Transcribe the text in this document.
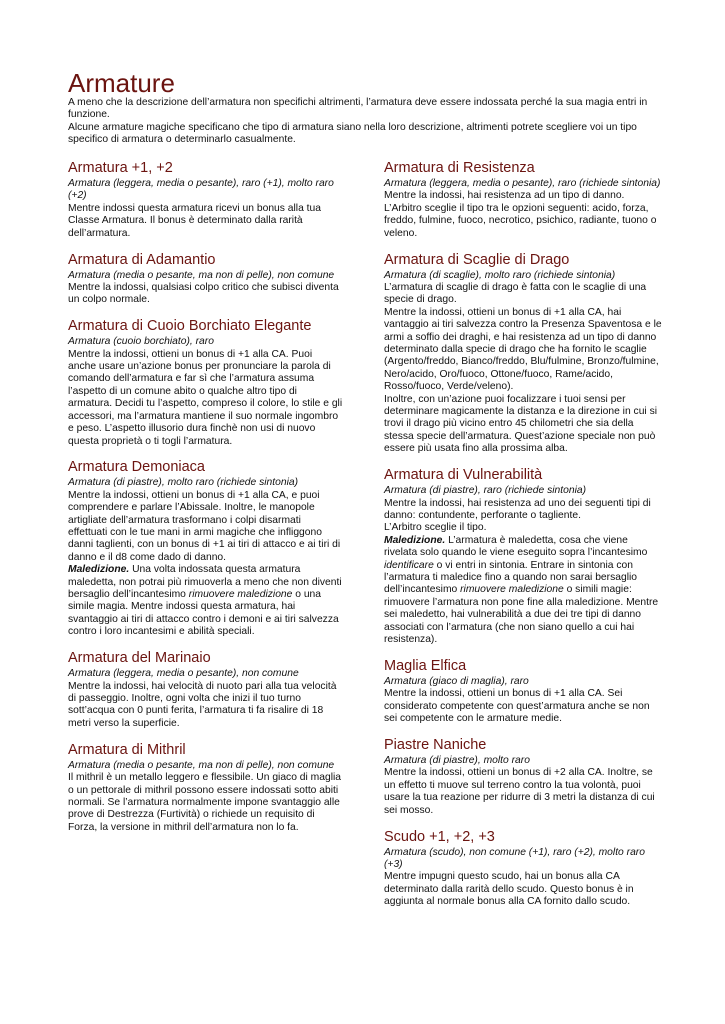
Armature

A meno che la descrizione dell’armatura non specifichi altrimenti, l’armatura deve essere indossata perché la sua magia entri in funzione.

Alcune armature magiche specificano che tipo di armatura siano nella loro descrizione, altrimenti potrete scegliere voi un tipo specifico di armatura o determinarlo casualmente.

Armatura +1, +2

Armatura (leggera, media o pesante), raro (+1), molto raro (+2)

Mentre indossi questa armatura ricevi un bonus alla tua Classe Armatura. Il bonus è determinato dalla rarità dell’armatura.

Armatura di Adamantio

Armatura (media o pesante, ma non di pelle), non comune

Mentre la indossi, qualsiasi colpo critico che subisci diventa un colpo normale.

Armatura di Cuoio Borchiato Elegante

Armatura (cuoio borchiato), raro

Mentre la indossi, ottieni un bonus di +1 alla CA. Puoi anche usare un’azione bonus per pronunciare la parola di comando dell’armatura e far sì che l’armatura assuma l’aspetto di un comune abito o qualche altro tipo di armatura. Decidi tu l’aspetto, compreso il colore, lo stile e gli accessori, ma l’armatura mantiene il suo normale ingombro e peso. L’aspetto illusorio dura finchè non usi di nuovo questa proprietà o ti togli l’armatura.

Armatura Demoniaca

Armatura (di piastre), molto raro (richiede sintonia)

Mentre la indossi, ottieni un bonus di +1 alla CA, e puoi comprendere e parlare l’Abissale. Inoltre, le manopole artigliate dell’armatura trasformano i colpi disarmati effettuati con le tue mani in armi magiche che infliggono danni taglienti, con un bonus di +1 ai tiri di attacco e ai tiri di danno e il d8 come dado di danno.

Maledizione. Una volta indossata questa armatura maledetta, non potrai più rimuoverla a meno che non diventi bersaglio dell’incantesimo rimuovere maledizione o una simile magia. Mentre indossi questa armatura, hai svantaggio ai tiri di attacco contro i demoni e ai tiri salvezza contro i loro incantesimi e abilità speciali.

Armatura del Marinaio

Armatura (leggera, media o pesante), non comune

Mentre la indossi, hai velocità di nuoto pari alla tua velocità di passeggio. Inoltre, ogni volta che inizi il tuo turno sott’acqua con 0 punti ferita, l’armatura ti fa risalire di 18 metri verso la superficie.

Armatura di Mithril

Armatura (media o pesante, ma non di pelle), non comune

Il mithril è un metallo leggero e flessibile. Un giaco di maglia o un pettorale di mithril possono essere indossati sotto abiti normali. Se l’armatura normalmente impone svantaggio alle prove di Destrezza (Furtività) o richiede un requisito di Forza, la versione in mithril dell’armatura non lo fa.

Armatura di Resistenza

Armatura (leggera, media o pesante), raro (richiede sintonia)

Mentre la indossi, hai resistenza ad un tipo di danno. L’Arbitro sceglie il tipo tra le opzioni seguenti: acido, forza, freddo, fulmine, fuoco, necrotico, psichico, radiante, tuono o veleno.

Armatura di Scaglie di Drago

Armatura (di scaglie), molto raro (richiede sintonia)

L’armatura di scaglie di drago è fatta con le scaglie di una specie di drago.

Mentre la indossi, ottieni un bonus di +1 alla CA, hai vantaggio ai tiri salvezza contro la Presenza Spaventosa e le armi a soffio dei draghi, e hai resistenza ad un tipo di danno determinato dalla specie di drago che ha fornito le scaglie (Argento/freddo, Bianco/freddo, Blu/fulmine, Bronzo/fulmine, Nero/acido, Oro/fuoco, Ottone/fuoco, Rame/acido, Rosso/fuoco, Verde/veleno).

Inoltre, con un’azione puoi focalizzare i tuoi sensi per determinare magicamente la distanza e la direzione in cui si trovi il drago più vicino entro 45 chilometri che sia della stessa specie dell’armatura. Quest’azione speciale non può essere più usata fino alla prossima alba.

Armatura di Vulnerabilità

Armatura (di piastre), raro (richiede sintonia)

Mentre la indossi, hai resistenza ad uno dei seguenti tipi di danno: contundente, perforante o tagliente.

L’Arbitro sceglie il tipo.

Maledizione. L’armatura è maledetta, cosa che viene rivelata solo quando le viene eseguito sopra l’incantesimo identificare o vi entri in sintonia. Entrare in sintonia con l’armatura ti maledice fino a quando non sarai bersaglio dell’incantesimo rimuovere maledizione o simili magie: rimuovere l’armatura non pone fine alla maledizione. Mentre sei maledetto, hai vulnerabilità a due dei tre tipi di danno associati con l’armatura (che non siano quello a cui hai resistenza).

Maglia Elfica

Armatura (giaco di maglia), raro

Mentre la indossi, ottieni un bonus di +1 alla CA. Sei considerato competente con quest’armatura anche se non sei competente con le armature medie.

Piastre Naniche

Armatura (di piastre), molto raro

Mentre la indossi, ottieni un bonus di +2 alla CA. Inoltre, se un effetto ti muove sul terreno contro la tua volontà, puoi usare la tua reazione per ridurre di 3 metri la distanza di cui sei mosso.

Scudo +1, +2, +3

Armatura (scudo), non comune (+1), raro (+2), molto raro (+3)

Mentre impugni questo scudo, hai un bonus alla CA determinato dalla rarità dello scudo. Questo bonus è in aggiunta al normale bonus alla CA fornito dallo scudo.
